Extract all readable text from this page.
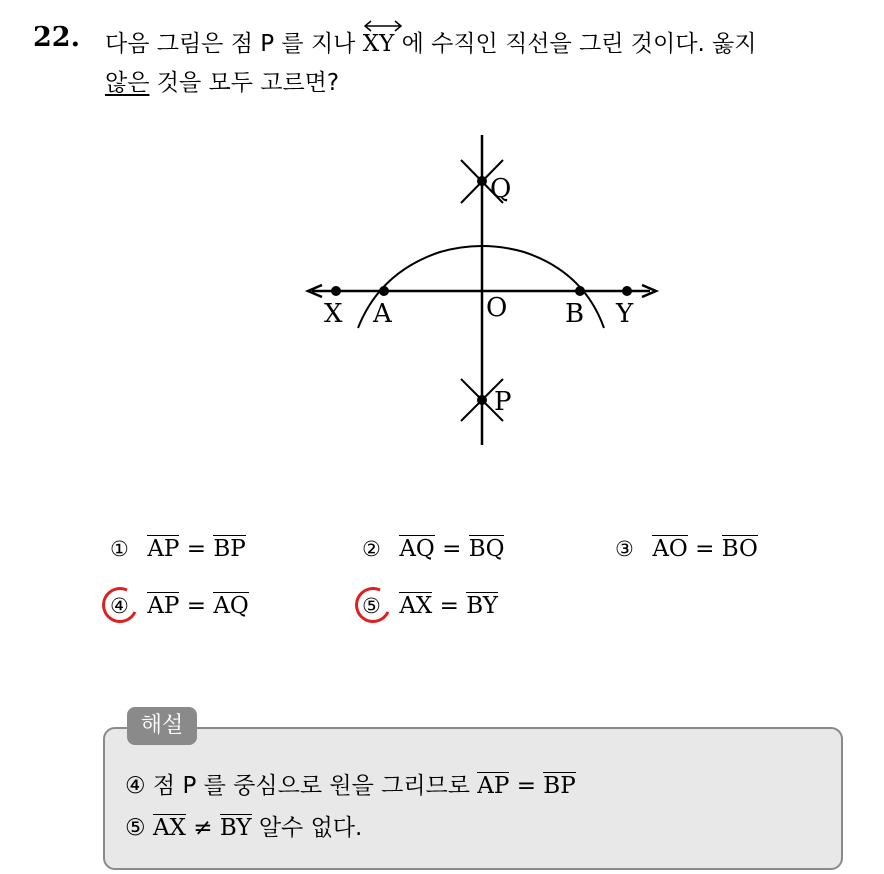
22. 다음 그림은 점 P 를 지나 XY 에 수직인 직선을 그린 것이다. 옳지
않은 것을 모두 고르면?
X A	O B Y
Q
P
① AP = BP	② AQ = BQ	③ AO = BO
④ AP = AQ	⑤ AX = BY
해설
④ 점 P 를 중심으로 원을 그리므로 AP = BP
⑤ AX ≠ BY 알수 없다.
